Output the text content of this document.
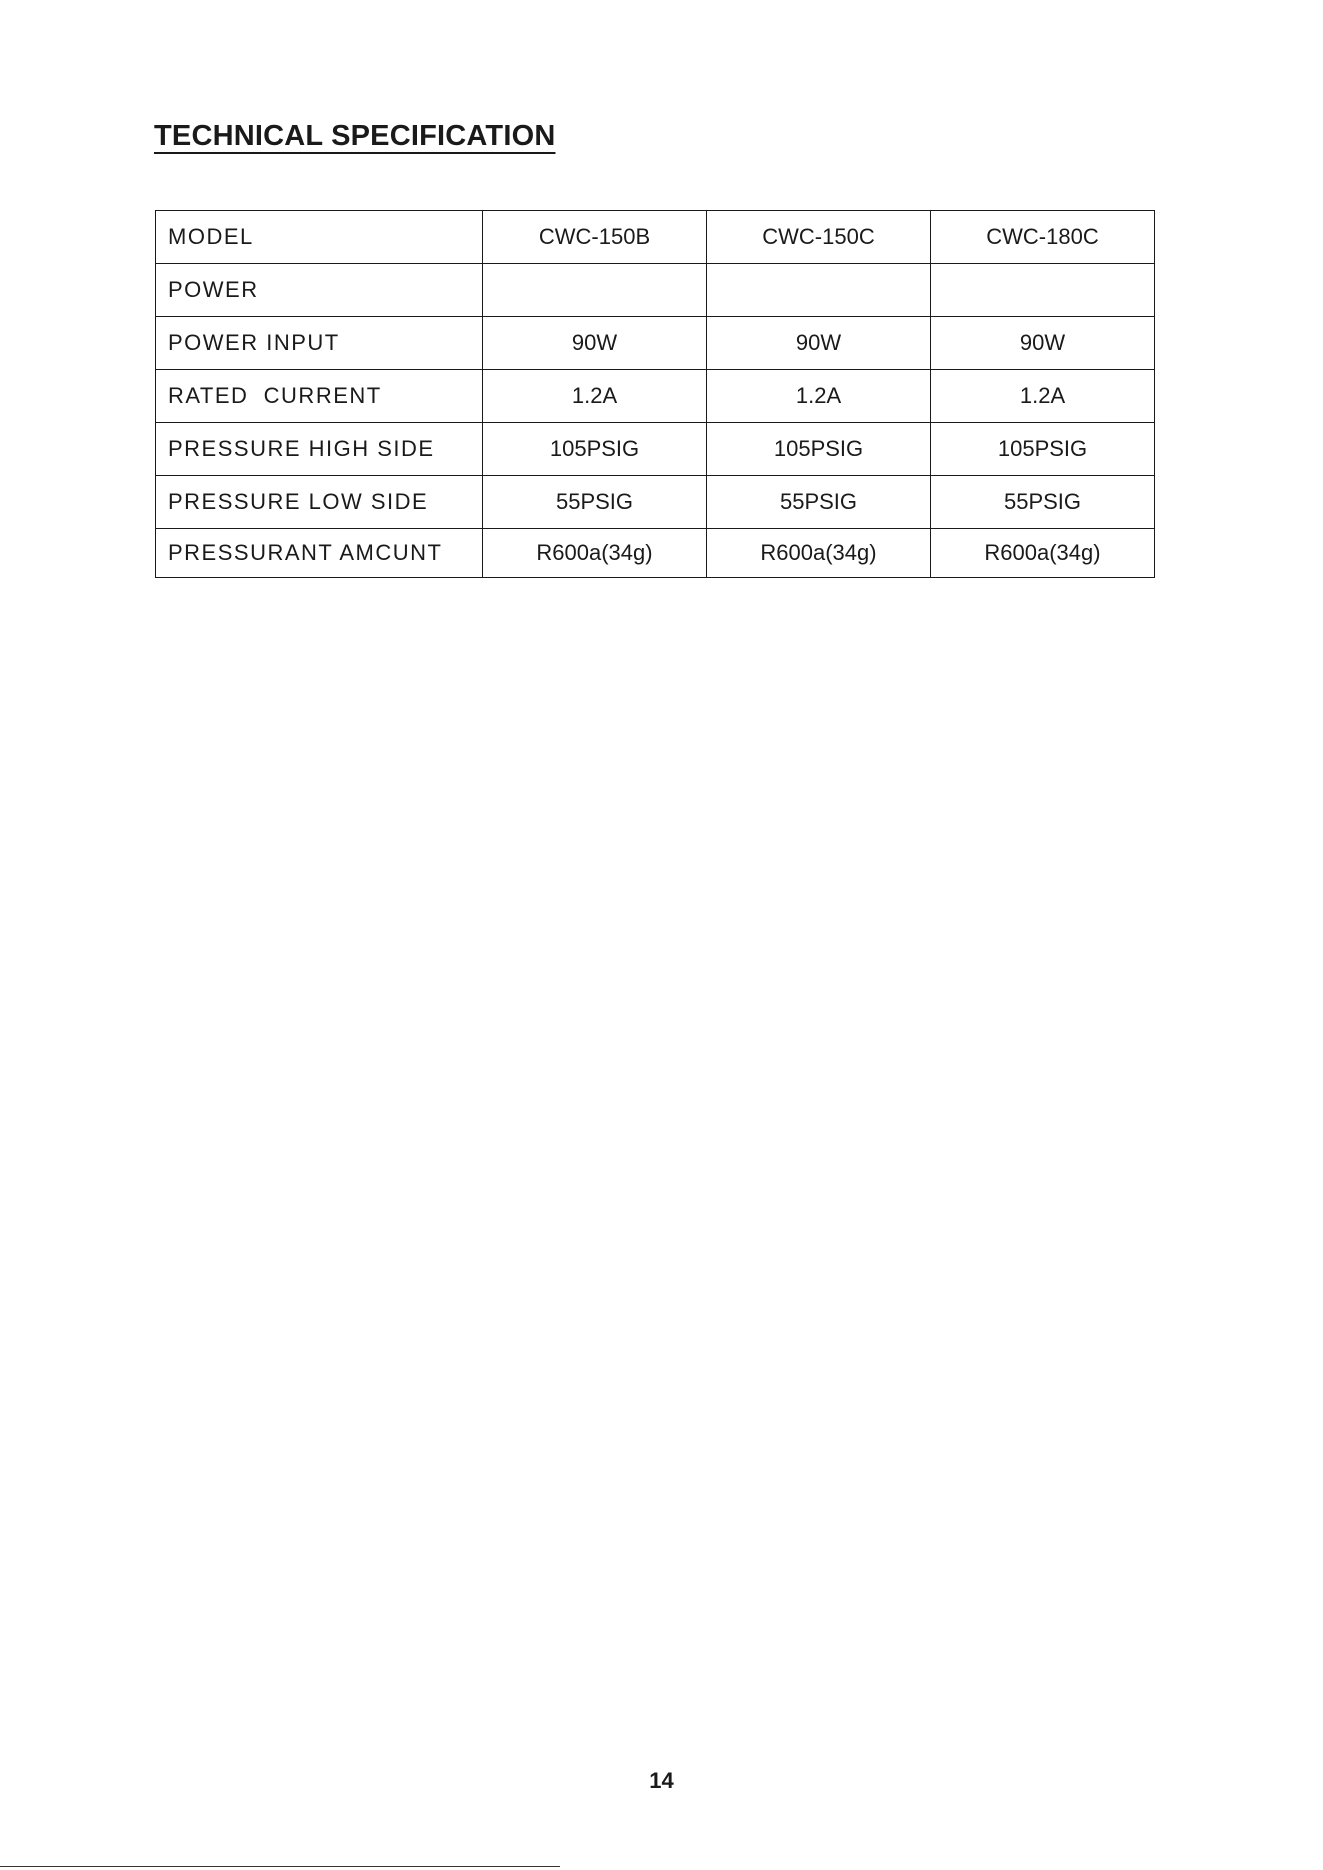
TECHNICAL SPECIFICATION
MODEL	CWC-150B	CWC-150C	CWC-180C
POWER			
POWER INPUT	90W	90W	90W
RATED  CURRENT	1.2A	1.2A	1.2A
PRESSURE HIGH SIDE	105PSIG	105PSIG	105PSIG
PRESSURE LOW SIDE	55PSIG	55PSIG	55PSIG
PRESSURANT AMCUNT	R600a(34g)	R600a(34g)	R600a(34g)
14
